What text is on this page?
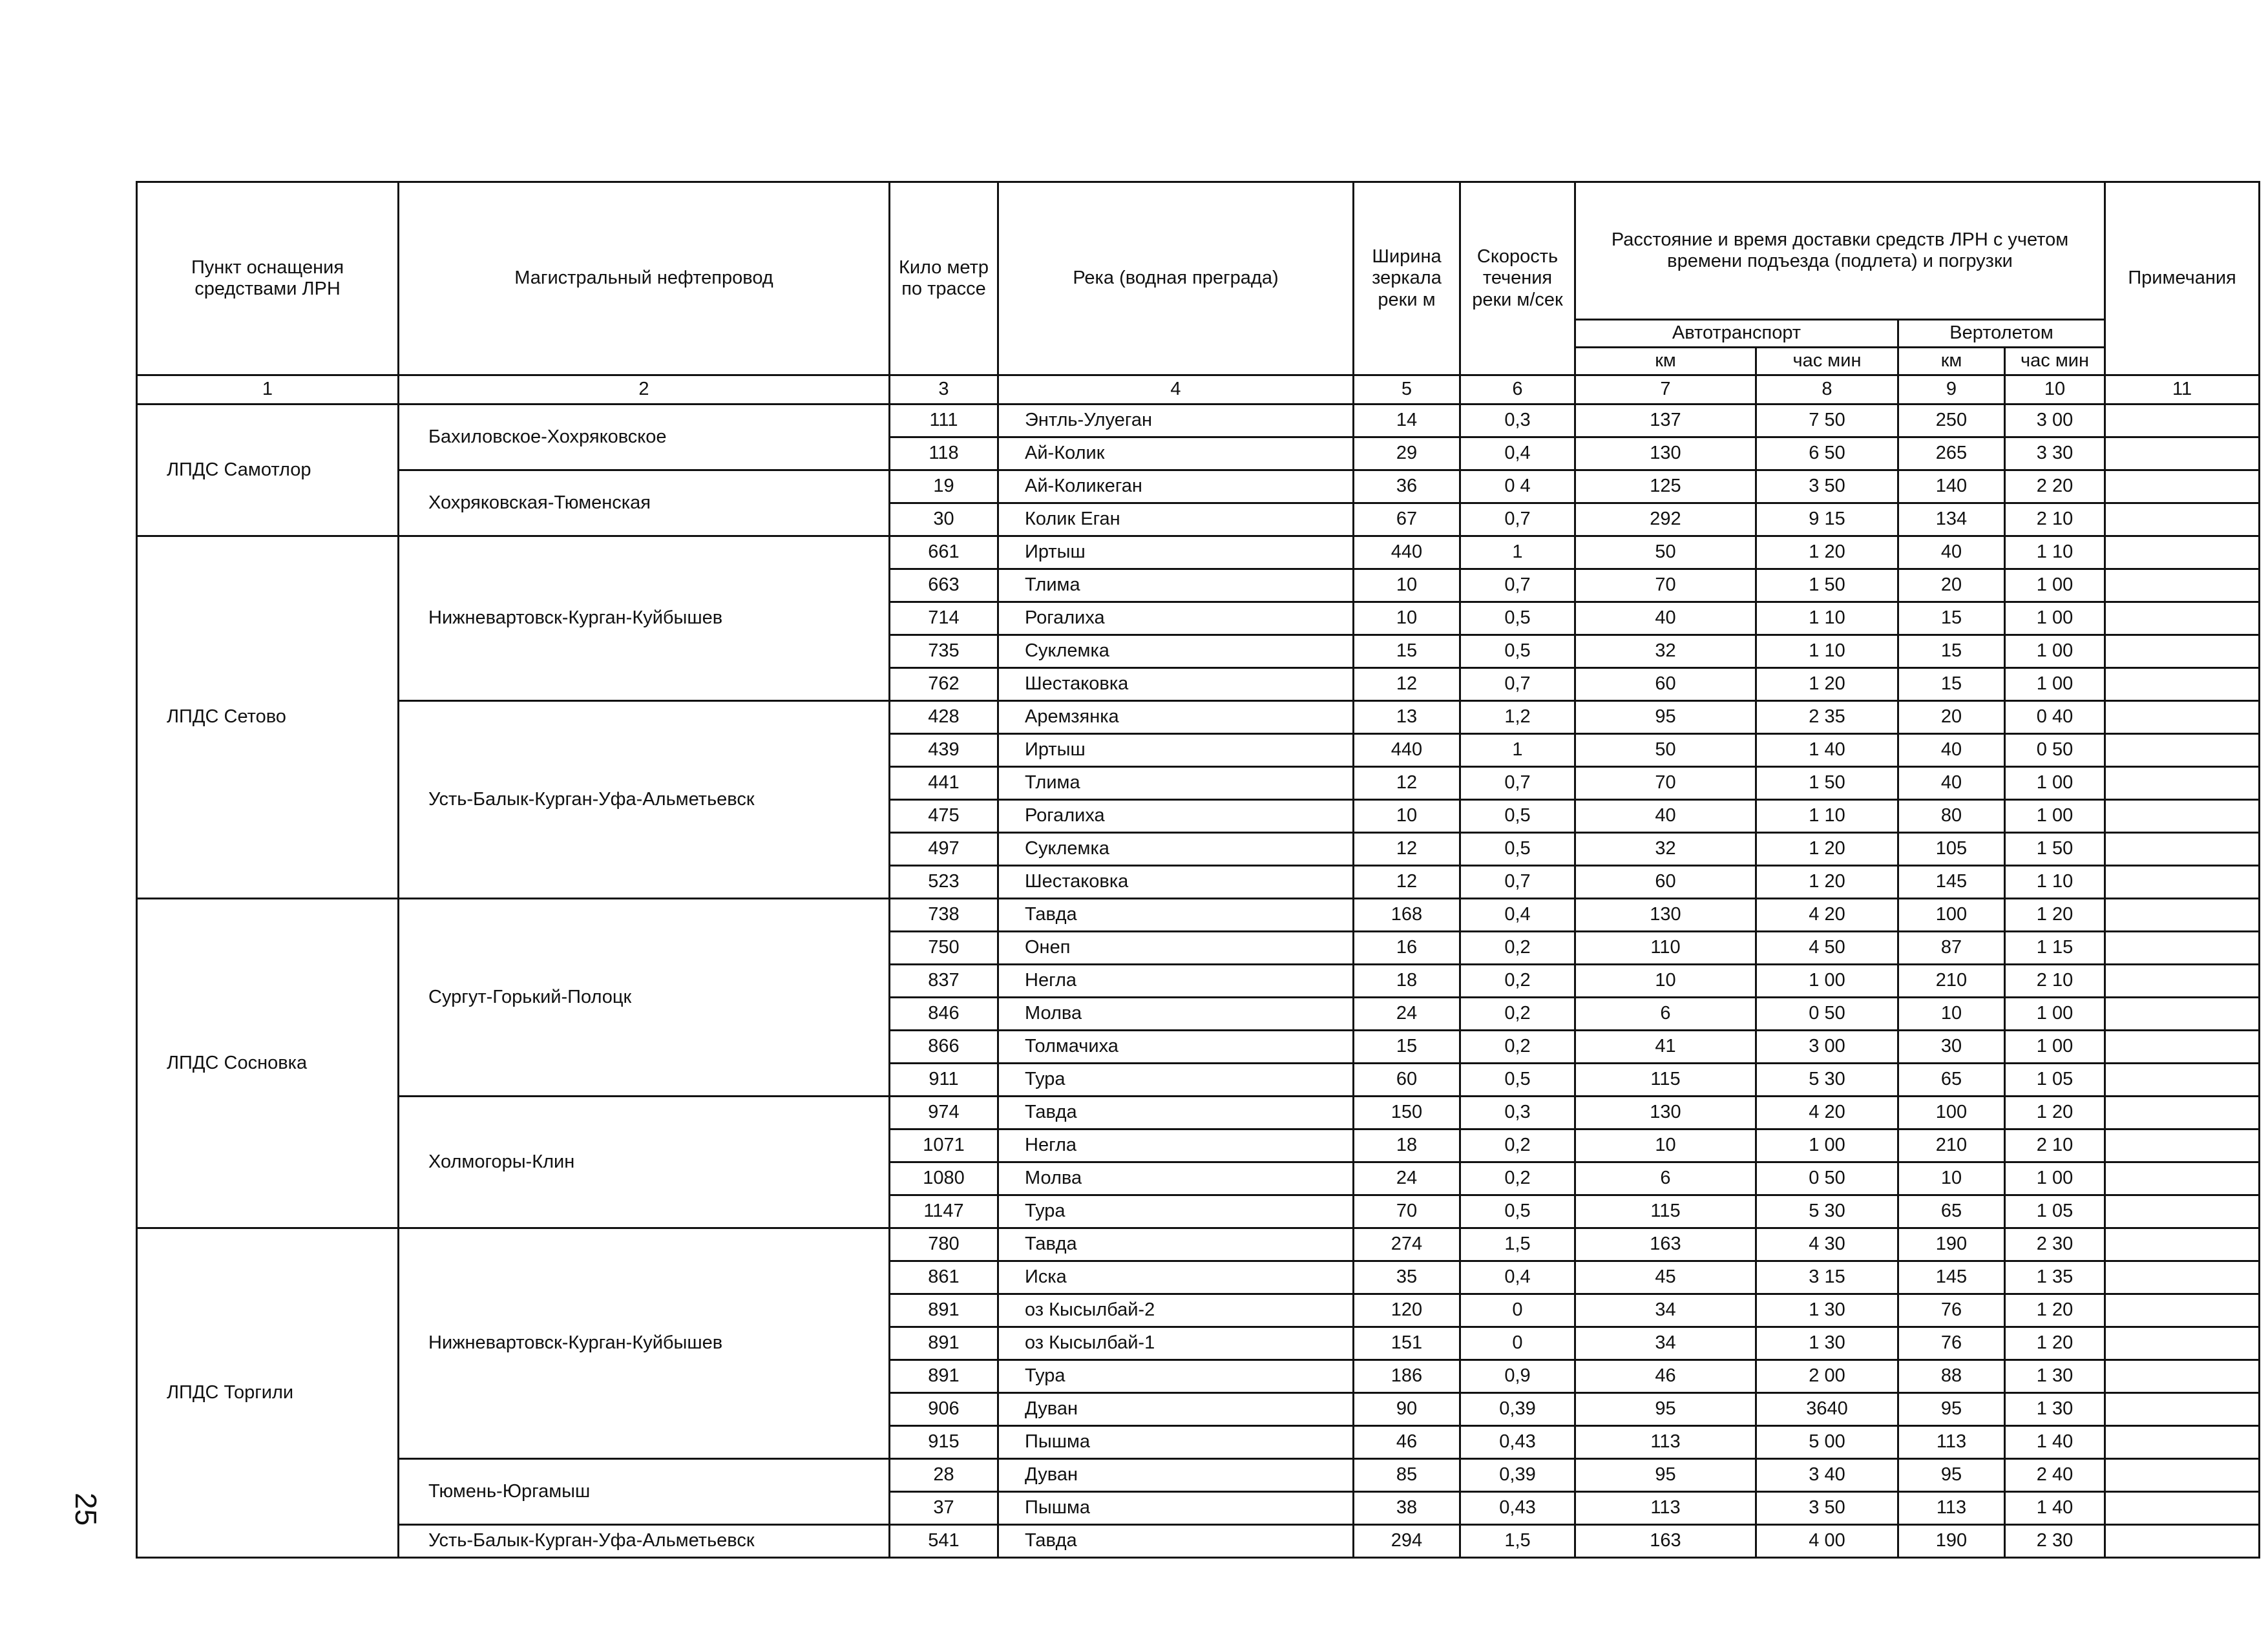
Пункт оснащения средствами ЛРН	Магистральный нефтепровод	Кило метр по трассе	Река (водная преграда)	Ширина зеркала реки м	Скорость течения реки м/сек	Расстояние и время доставки средств ЛРН с учетом времени подъезда (подлета) и погрузки				Примечания
						Автотранспорт		Вертолетом		
						км	час мин	км	час мин	
1	2	3	4	5	6	7	8	9	10	11
ЛПДС Самотлор	Бахиловское-Хохряковское	111	Энтль-Улуеган	14	0,3	137	7 50	250	3 00	
		118	Ай-Колик	29	0,4	130	6 50	265	3 30	
	Хохряковская-Тюменская	19	Ай-Коликеган	36	0 4	125	3 50	140	2 20	
		30	Колик Еган	67	0,7	292	9 15	134	2 10	
ЛПДС Сетово	Нижневартовск-Курган-Куйбышев	661	Иртыш	440	1	50	1 20	40	1 10	
		663	Тлима	10	0,7	70	1 50	20	1 00	
		714	Рогалиха	10	0,5	40	1 10	15	1 00	
		735	Суклемка	15	0,5	32	1 10	15	1 00	
		762	Шестаковка	12	0,7	60	1 20	15	1 00	
	Усть-Балык-Курган-Уфа-Альметьевск	428	Аремзянка	13	1,2	95	2 35	20	0 40	
		439	Иртыш	440	1	50	1 40	40	0 50	
		441	Тлима	12	0,7	70	1 50	40	1 00	
		475	Рогалиха	10	0,5	40	1 10	80	1 00	
		497	Суклемка	12	0,5	32	1 20	105	1 50	
		523	Шестаковка	12	0,7	60	1 20	145	1 10	
ЛПДС Сосновка	Сургут-Горький-Полоцк	738	Тавда	168	0,4	130	4 20	100	1 20	
		750	Онеп	16	0,2	110	4 50	87	1 15	
		837	Негла	18	0,2	10	1 00	210	2 10	
		846	Молва	24	0,2	6	0 50	10	1 00	
		866	Толмачиха	15	0,2	41	3 00	30	1 00	
		911	Тура	60	0,5	115	5 30	65	1 05	
	Холмогоры-Клин	974	Тавда	150	0,3	130	4 20	100	1 20	
		1071	Негла	18	0,2	10	1 00	210	2 10	
		1080	Молва	24	0,2	6	0 50	10	1 00	
		1147	Тура	70	0,5	115	5 30	65	1 05	
ЛПДС Торгили	Нижневартовск-Курган-Куйбышев	780	Тавда	274	1,5	163	4 30	190	2 30	
		861	Иска	35	0,4	45	3 15	145	1 35	
		891	оз Кысылбай-2	120	0	34	1 30	76	1 20	
		891	оз Кысылбай-1	151	0	34	1 30	76	1 20	
		891	Тура	186	0,9	46	2 00	88	1 30	
		906	Дуван	90	0,39	95	3640	95	1 30	
		915	Пышма	46	0,43	113	5 00	113	1 40	
	Тюмень-Юргамыш	28	Дуван	85	0,39	95	3 40	95	2 40	
		37	Пышма	38	0,43	113	3 50	113	1 40	
	Усть-Балык-Курган-Уфа-Альметьевск	541	Тавда	294	1,5	163	4 00	190	2 30	
25
